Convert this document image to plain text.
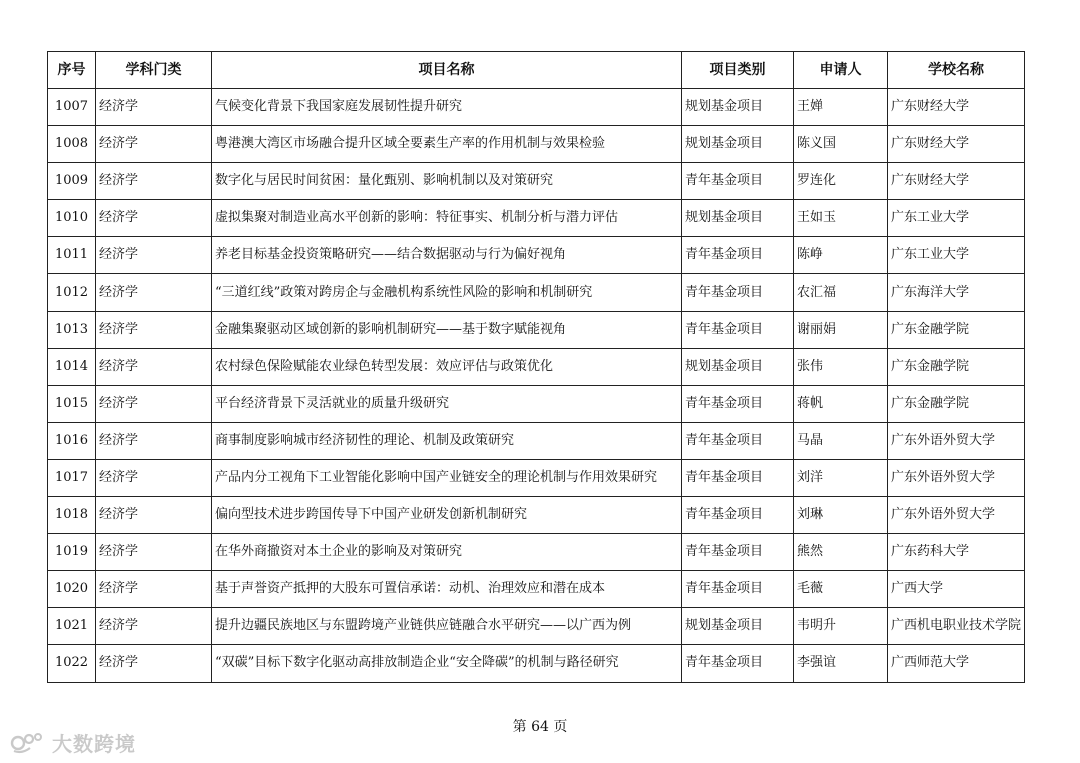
序号	学科门类	项目名称	项目类别	申请人	学校名称
1007	经济学	气候变化背景下我国家庭发展韧性提升研究	规划基金项目	王婵	广东财经大学
1008	经济学	粤港澳大湾区市场融合提升区域全要素生产率的作用机制与效果检验	规划基金项目	陈义国	广东财经大学
1009	经济学	数字化与居民时间贫困：量化甄别、影响机制以及对策研究	青年基金项目	罗连化	广东财经大学
1010	经济学	虚拟集聚对制造业高水平创新的影响：特征事实、机制分析与潜力评估	规划基金项目	王如玉	广东工业大学
1011	经济学	养老目标基金投资策略研究——结合数据驱动与行为偏好视角	青年基金项目	陈峥	广东工业大学
1012	经济学	“三道红线”政策对跨房企与金融机构系统性风险的影响和机制研究	青年基金项目	农汇福	广东海洋大学
1013	经济学	金融集聚驱动区域创新的影响机制研究——基于数字赋能视角	青年基金项目	谢丽娟	广东金融学院
1014	经济学	农村绿色保险赋能农业绿色转型发展：效应评估与政策优化	规划基金项目	张伟	广东金融学院
1015	经济学	平台经济背景下灵活就业的质量升级研究	青年基金项目	蒋帆	广东金融学院
1016	经济学	商事制度影响城市经济韧性的理论、机制及政策研究	青年基金项目	马晶	广东外语外贸大学
1017	经济学	产品内分工视角下工业智能化影响中国产业链安全的理论机制与作用效果研究	青年基金项目	刘洋	广东外语外贸大学
1018	经济学	偏向型技术进步跨国传导下中国产业研发创新机制研究	青年基金项目	刘琳	广东外语外贸大学
1019	经济学	在华外商撤资对本土企业的影响及对策研究	青年基金项目	熊然	广东药科大学
1020	经济学	基于声誉资产抵押的大股东可置信承诺：动机、治理效应和潜在成本	青年基金项目	毛薇	广西大学
1021	经济学	提升边疆民族地区与东盟跨境产业链供应链融合水平研究——以广西为例	规划基金项目	韦明升	广西机电职业技术学院
1022	经济学	“双碳”目标下数字化驱动高排放制造企业“安全降碳”的机制与路径研究	青年基金项目	李强谊	广西师范大学
第 64 页
大数跨境
